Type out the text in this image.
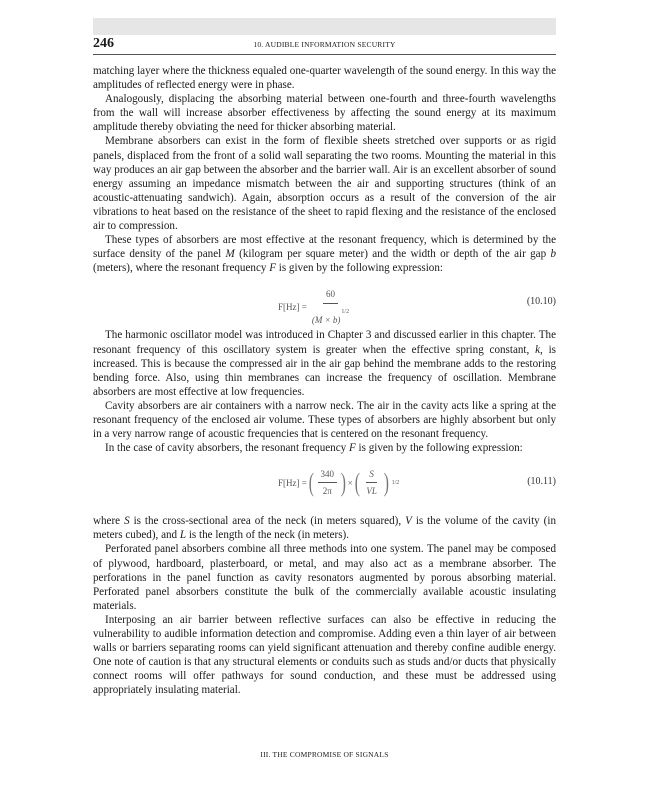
246	10. AUDIBLE INFORMATION SECURITY

matching layer where the thickness equaled one-quarter wavelength of the sound energy. In this way the amplitudes of reflected energy were in phase.

Analogously, displacing the absorbing material between one-fourth and three-fourth wavelengths from the wall will increase absorber effectiveness by affecting the sound energy at its maximum amplitude thereby obviating the need for thicker absorbing material.

Membrane absorbers can exist in the form of flexible sheets stretched over supports or as rigid panels, displaced from the front of a solid wall separating the two rooms. Mounting the material in this way produces an air gap between the absorber and the barrier wall. Air is an excellent absorber of sound energy assuming an impedance mismatch between the air and supporting structures (think of an acoustic-attenuating sandwich). Again, absorption occurs as a result of the conversion of the air vibrations to heat based on the resistance of the sheet to rapid flexing and the resistance of the enclosed air to compression.

These types of absorbers are most effective at the resonant frequency, which is determined by the surface density of the panel M (kilogram per square meter) and the width or depth of the air gap b (meters), where the resonant frequency F is given by the following expression:

$F[Hz] = \frac{60}{(M \times b)^{1/2}}$	(10.10)

The harmonic oscillator model was introduced in Chapter 3 and discussed earlier in this chapter. The resonant frequency of this oscillatory system is greater when the effective spring constant, k, is increased. This is because the compressed air in the air gap behind the membrane adds to the restoring bending force. Also, using thin membranes can increase the frequency of oscillation. Membrane absorbers are most effective at low frequencies.

Cavity absorbers are air containers with a narrow neck. The air in the cavity acts like a spring at the resonant frequency of the enclosed air volume. These types of absorbers are highly absorbent but only in a very narrow range of acoustic frequencies that is centered on the resonant frequency.

In the case of cavity absorbers, the resonant frequency F is given by the following expression:

F[Hz] = ( $\frac{340}{2\pi}$ ) × ( $\frac{S}{VL}$ ) 1/2	(10.11)

where S is the cross-sectional area of the neck (in meters squared), V is the volume of the cavity (in meters cubed), and L is the length of the neck (in meters).

Perforated panel absorbers combine all three methods into one system. The panel may be composed of plywood, hardboard, plasterboard, or metal, and may also act as a membrane absorber. The perforations in the panel function as cavity resonators augmented by porous absorbing material. Perforated panel absorbers constitute the bulk of the commercially available acoustic insulating materials.

Interposing an air barrier between reflective surfaces can also be effective in reducing the vulnerability to audible information detection and compromise. Adding even a thin layer of air between walls or barriers separating rooms can yield significant attenuation and thereby confine audible energy. One note of caution is that any structural elements or conduits such as studs and/or ducts that physically connect rooms will offer pathways for sound conduction, and these must be addressed using appropriately insulating material.

III. THE COMPROMISE OF SIGNALS
